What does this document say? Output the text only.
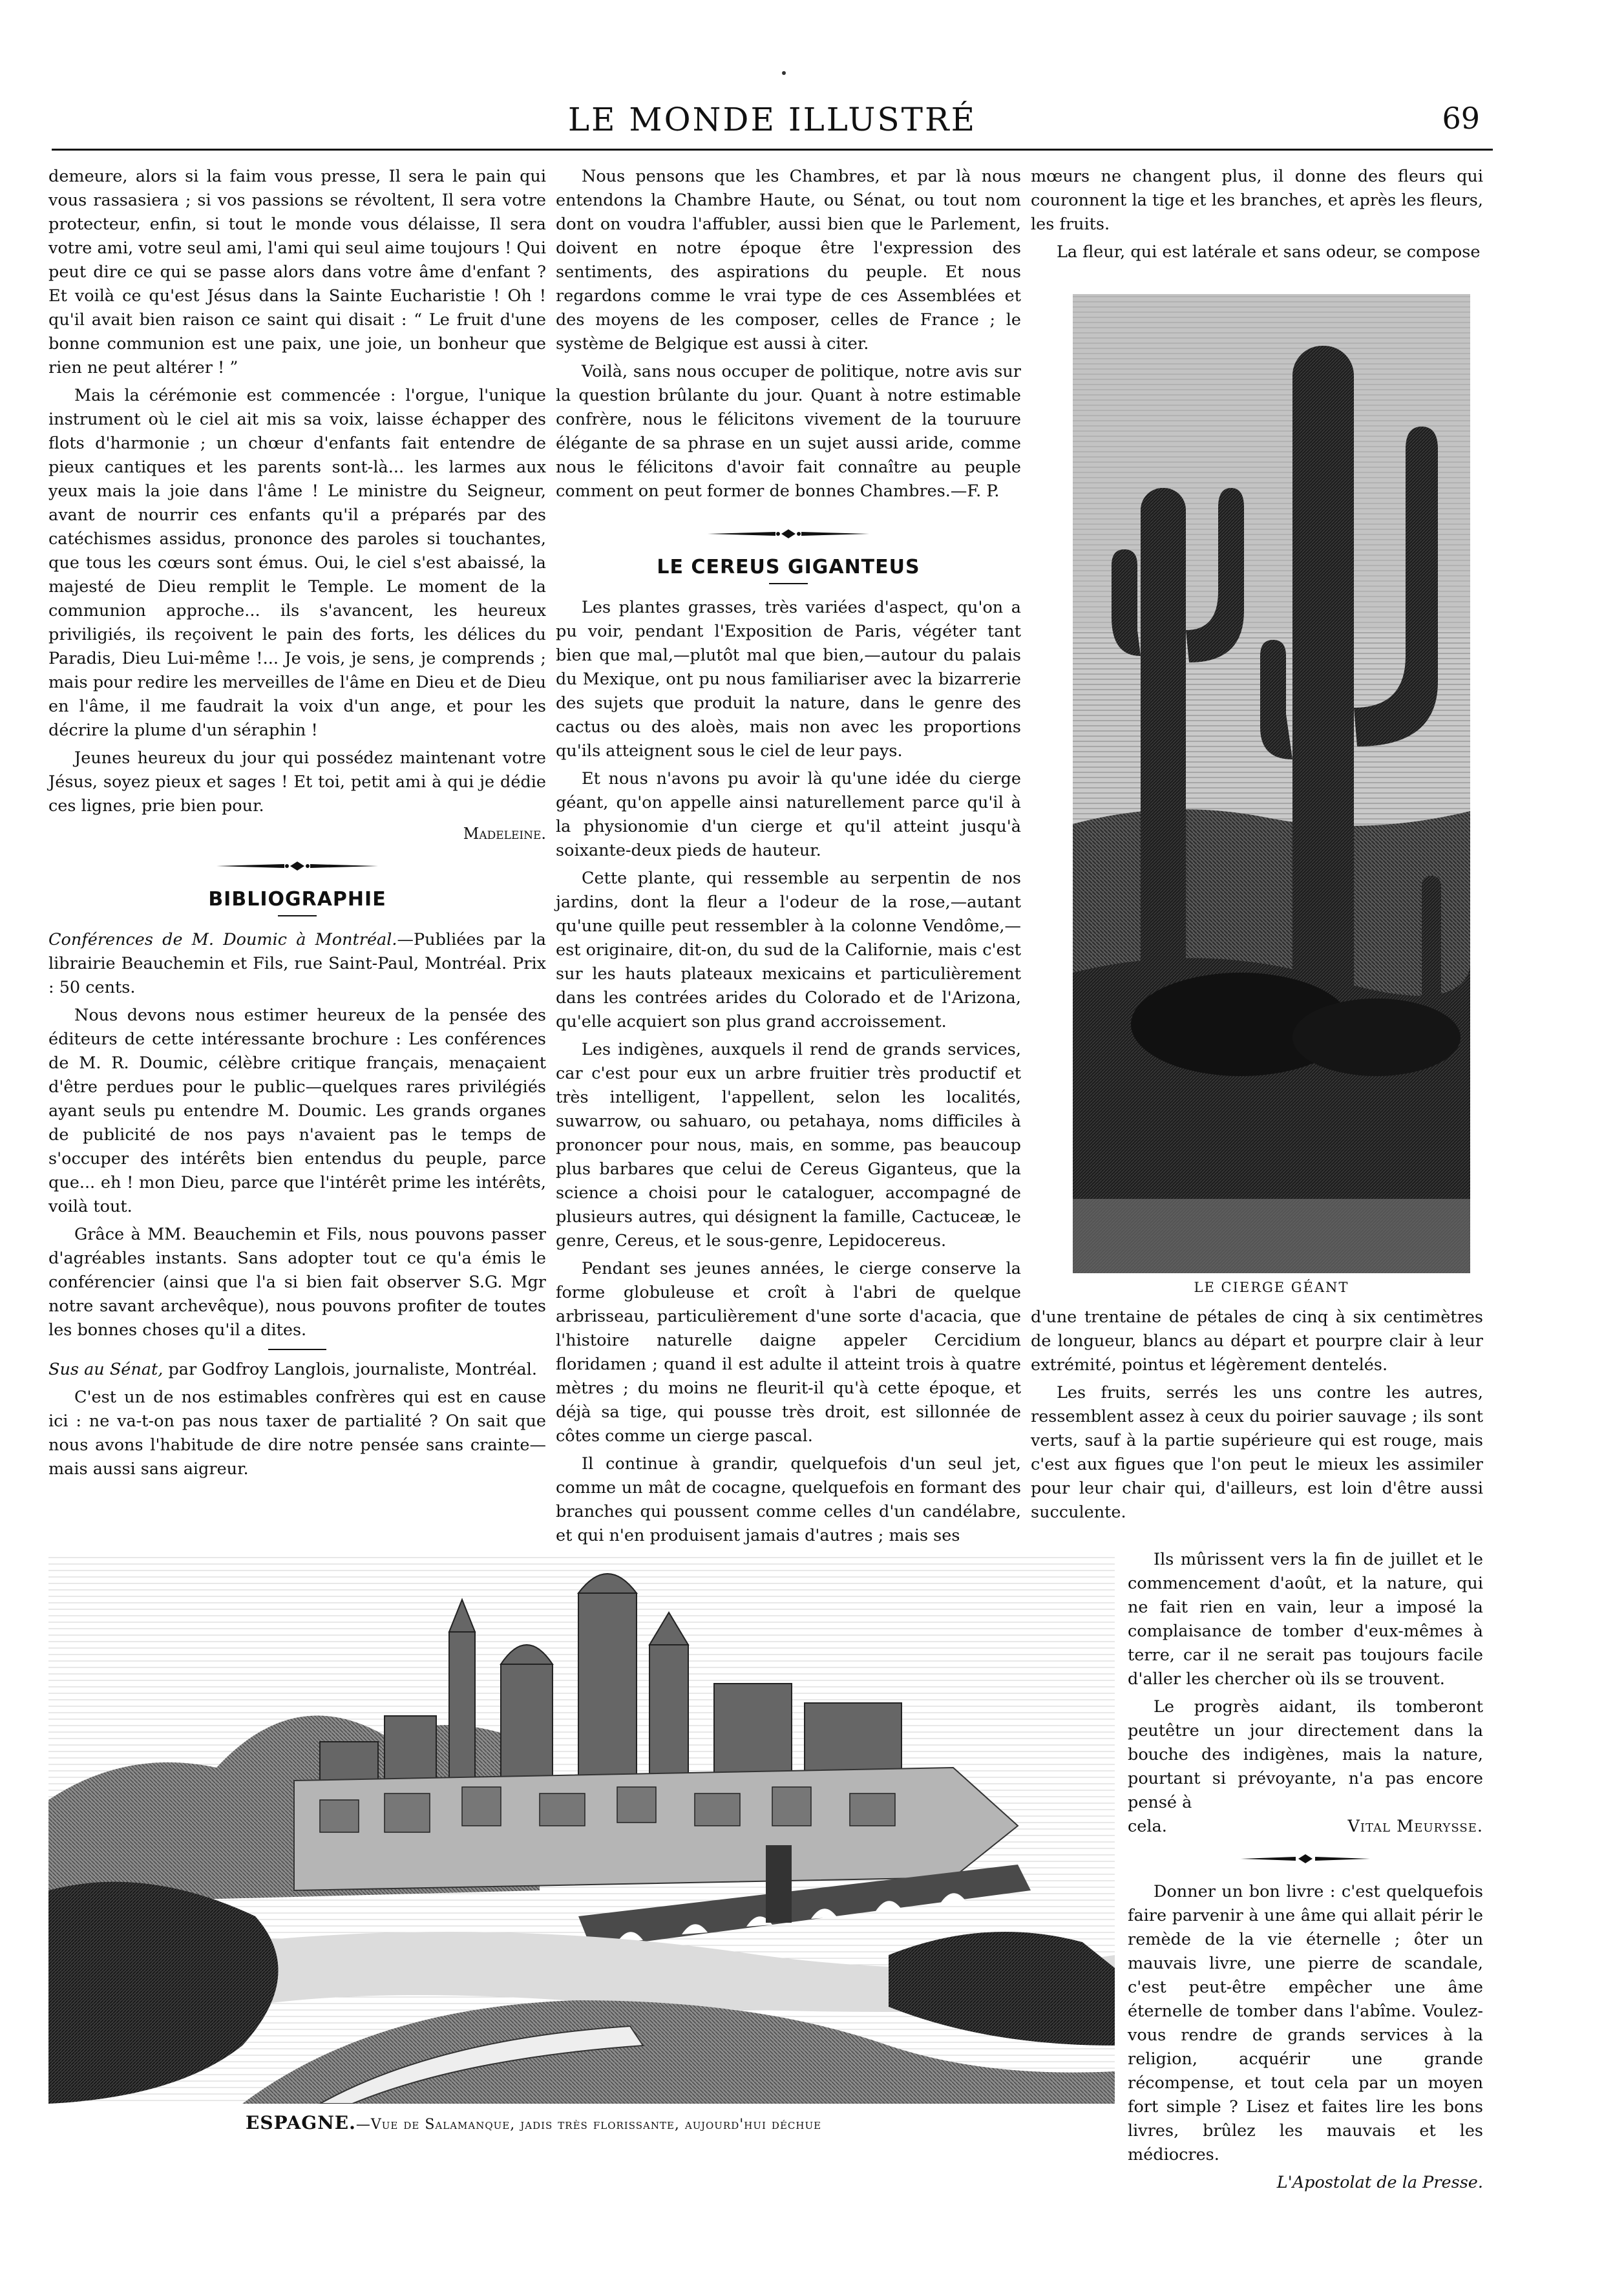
LE MONDE ILLUSTRÉ	69

demeure, alors si la faim vous presse, Il sera le pain qui vous rassasiera ; si vos passions se révoltent, Il sera votre protecteur, enfin, si tout le monde vous délaisse, Il sera votre ami, votre seul ami, l'ami qui seul aime toujours ! Qui peut dire ce qui se passe alors dans votre âme d'enfant ? Et voilà ce qu'est Jésus dans la Sainte Eucharistie ! Oh ! qu'il avait bien raison ce saint qui disait : “ Le fruit d'une bonne communion est une paix, une joie, un bonheur que rien ne peut altérer ! ”

Mais la cérémonie est commencée : l'orgue, l'unique instrument où le ciel ait mis sa voix, laisse échapper des flots d'harmonie ; un chœur d'enfants fait entendre de pieux cantiques et les parents sont-là... les larmes aux yeux mais la joie dans l'âme ! Le ministre du Seigneur, avant de nourrir ces enfants qu'il a préparés par des catéchismes assidus, prononce des paroles si touchantes, que tous les cœurs sont émus. Oui, le ciel s'est abaissé, la majesté de Dieu remplit le Temple. Le moment de la communion approche... ils s'avancent, les heureux priviligiés, ils reçoivent le pain des forts, les délices du Paradis, Dieu Lui-même !... Je vois, je sens, je comprends ; mais pour redire les merveilles de l'âme en Dieu et de Dieu en l'âme, il me faudrait la voix d'un ange, et pour les décrire la plume d'un séraphin !

Jeunes heureux du jour qui possédez maintenant votre Jésus, soyez pieux et sages ! Et toi, petit ami à qui je dédie ces lignes, prie bien pour.

Madeleine.
BIBLIOGRAPHIE

Conférences de M. Doumic à Montréal.—Publiées par la librairie Beauchemin et Fils, rue Saint-Paul, Montréal. Prix : 50 cents.

Nous devons nous estimer heureux de la pensée des éditeurs de cette intéressante brochure : Les conférences de M. R. Doumic, célèbre critique français, menaçaient d'être perdues pour le public—quelques rares privilégiés ayant seuls pu entendre M. Doumic. Les grands organes de publicité de nos pays n'avaient pas le temps de s'occuper des intérêts bien entendus du peuple, parce que... eh ! mon Dieu, parce que l'intérêt prime les intérêts, voilà tout.

Grâce à MM. Beauchemin et Fils, nous pouvons passer d'agréables instants. Sans adopter tout ce qu'a émis le conférencier (ainsi que l'a si bien fait observer S.G. Mgr notre savant archevêque), nous pouvons profiter de toutes les bonnes choses qu'il a dites.

Sus au Sénat, par Godfroy Langlois, journaliste, Montréal.

C'est un de nos estimables confrères qui est en cause ici : ne va-t-on pas nous taxer de partialité ? On sait que nous avons l'habitude de dire notre pensée sans crainte—mais aussi sans aigreur.

Nous pensons que les Chambres, et par là nous entendons la Chambre Haute, ou Sénat, ou tout nom dont on voudra l'affubler, aussi bien que le Parlement, doivent en notre époque être l'expression des sentiments, des aspirations du peuple. Et nous regardons comme le vrai type de ces Assemblées et des moyens de les composer, celles de France ; le système de Belgique est aussi à citer.

Voilà, sans nous occuper de politique, notre avis sur la question brûlante du jour. Quant à notre estimable confrère, nous le félicitons vivement de la touruure élégante de sa phrase en un sujet aussi aride, comme nous le félicitons d'avoir fait connaître au peuple comment on peut former de bonnes Chambres.—F. P.

LE CEREUS GIGANTEUS

Les plantes grasses, très variées d'aspect, qu'on a pu voir, pendant l'Exposition de Paris, végéter tant bien que mal,—plutôt mal que bien,—autour du palais du Mexique, ont pu nous familiariser avec la bizarrerie des sujets que produit la nature, dans le genre des cactus ou des aloès, mais non avec les proportions qu'ils atteignent sous le ciel de leur pays.

Et nous n'avons pu avoir là qu'une idée du cierge géant, qu'on appelle ainsi naturellement parce qu'il à la physionomie d'un cierge et qu'il atteint jusqu'à soixante-deux pieds de hauteur.

Cette plante, qui ressemble au serpentin de nos jardins, dont la fleur a l'odeur de la rose,—autant qu'une quille peut ressembler à la colonne Vendôme,—est originaire, dit-on, du sud de la Californie, mais c'est sur les hauts plateaux mexicains et particulièrement dans les contrées arides du Colorado et de l'Arizona, qu'elle acquiert son plus grand accroissement.

Les indigènes, auxquels il rend de grands services, car c'est pour eux un arbre fruitier très productif et très intelligent, l'appellent, selon les localités, suwarrow, ou sahuaro, ou petahaya, noms difficiles à prononcer pour nous, mais, en somme, pas beaucoup plus barbares que celui de Cereus Giganteus, que la science a choisi pour le cataloguer, accompagné de plusieurs autres, qui désignent la famille, Cactuceæ, le genre, Cereus, et le sous-genre, Lepidocereus.

Pendant ses jeunes années, le cierge conserve la forme globuleuse et croît à l'abri de quelque arbrisseau, particulièrement d'une sorte d'acacia, que l'histoire naturelle daigne appeler Cercidium floridamen ; quand il est adulte il atteint trois à quatre mètres ; du moins ne fleurit-il qu'à cette époque, et déjà sa tige, qui pousse très droit, est sillonnée de côtes comme un cierge pascal.

Il continue à grandir, quelquefois d'un seul jet, comme un mât de cocagne, quelquefois en formant des branches qui poussent comme celles d'un candélabre, et qui n'en produisent jamais d'autres ; mais ses

mœurs ne changent plus, il donne des fleurs qui couronnent la tige et les branches, et après les fleurs, les fruits.

La fleur, qui est latérale et sans odeur, se compose

LE CIERGE GÉANT

d'une trentaine de pétales de cinq à six centimètres de longueur, blancs au départ et pourpre clair à leur extrémité, pointus et légèrement dentelés.

Les fruits, serrés les uns contre les autres, ressemblent assez à ceux du poirier sauvage ; ils sont verts, sauf à la partie supérieure qui est rouge, mais c'est aux figues que l'on peut le mieux les assimiler pour leur chair qui, d'ailleurs, est loin d'être aussi succulente.

Ils mûrissent vers la fin de juillet et le commencement d'août, et la nature, qui ne fait rien en vain, leur a imposé la complaisance de tomber d'eux-mêmes à terre, car il ne serait pas toujours facile d'aller les chercher où ils se trouvent.

Le progrès aidant, ils tomberont peutêtre un jour directement dans la bouche des indigènes, mais la nature, pourtant si prévoyante, n'a pas encore pensé à

cela.	Vital Meurysse.

Donner un bon livre : c'est quelquefois faire parvenir à une âme qui allait périr le remède de la vie éternelle ; ôter un mauvais livre, une pierre de scandale, c'est peut-être empêcher une âme éternelle de tomber dans l'abîme. Voulez-vous rendre de grands services à la religion, acquérir une grande récompense, et tout cela par un moyen fort simple ? Lisez et faites lire les bons livres, brûlez les mauvais et les médiocres.

L'Apostolat de la Presse.
ESPAGNE.—Vue de Salamanque, jadis très florissante, aujourd'hui déchue
